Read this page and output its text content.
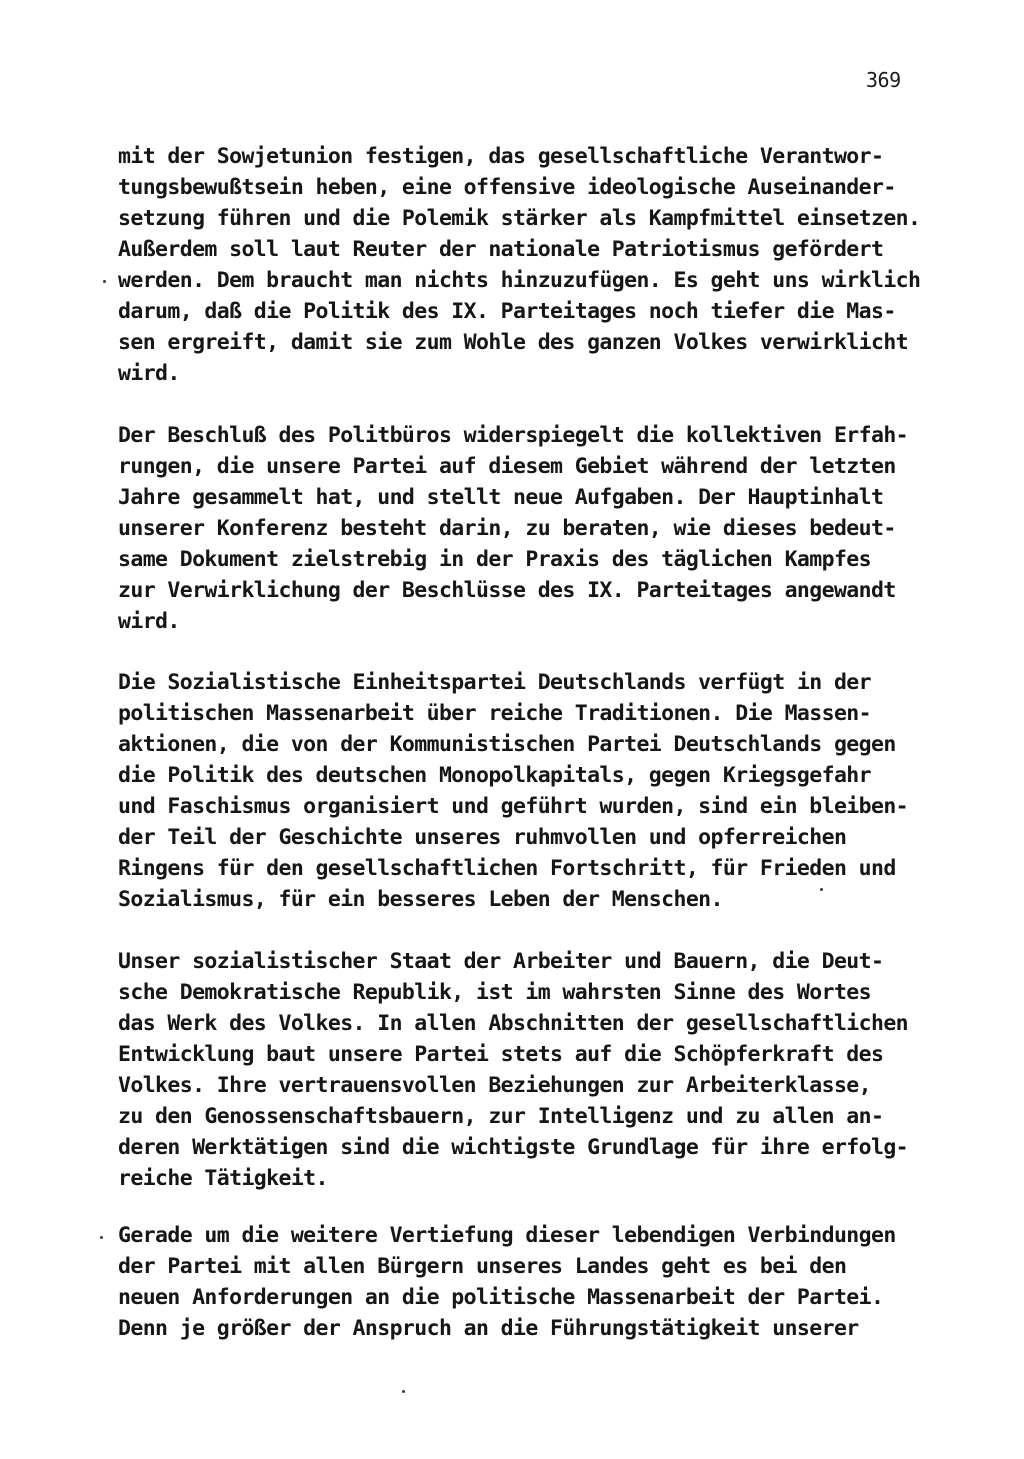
369
mit der Sowjetunion festigen, das gesellschaftliche Verantwor-
tungsbewußtsein heben, eine offensive ideologische Auseinander-
setzung führen und die Polemik stärker als Kampfmittel einsetzen.
Außerdem soll laut Reuter der nationale Patriotismus gefördert
werden. Dem braucht man nichts hinzuzufügen. Es geht uns wirklich
darum, daß die Politik des IX. Parteitages noch tiefer die Mas-
sen ergreift, damit sie zum Wohle des ganzen Volkes verwirklicht
wird.
Der Beschluß des Politbüros widerspiegelt die kollektiven Erfah-
rungen, die unsere Partei auf diesem Gebiet während der letzten
Jahre gesammelt hat, und stellt neue Aufgaben. Der Hauptinhalt
unserer Konferenz besteht darin, zu beraten, wie dieses bedeut-
same Dokument zielstrebig in der Praxis des täglichen Kampfes
zur Verwirklichung der Beschlüsse des IX. Parteitages angewandt
wird.
Die Sozialistische Einheitspartei Deutschlands verfügt in der
politischen Massenarbeit über reiche Traditionen. Die Massen-
aktionen, die von der Kommunistischen Partei Deutschlands gegen
die Politik des deutschen Monopolkapitals, gegen Kriegsgefahr
und Faschismus organisiert und geführt wurden, sind ein bleiben-
der Teil der Geschichte unseres ruhmvollen und opferreichen
Ringens für den gesellschaftlichen Fortschritt, für Frieden und
Sozialismus, für ein besseres Leben der Menschen.
Unser sozialistischer Staat der Arbeiter und Bauern, die Deut-
sche Demokratische Republik, ist im wahrsten Sinne des Wortes
das Werk des Volkes. In allen Abschnitten der gesellschaftlichen
Entwicklung baut unsere Partei stets auf die Schöpferkraft des
Volkes. Ihre vertrauensvollen Beziehungen zur Arbeiterklasse,
zu den Genossenschaftsbauern, zur Intelligenz und zu allen an-
deren Werktätigen sind die wichtigste Grundlage für ihre erfolg-
reiche Tätigkeit.
Gerade um die weitere Vertiefung dieser lebendigen Verbindungen
der Partei mit allen Bürgern unseres Landes geht es bei den
neuen Anforderungen an die politische Massenarbeit der Partei.
Denn je größer der Anspruch an die Führungstätigkeit unserer
